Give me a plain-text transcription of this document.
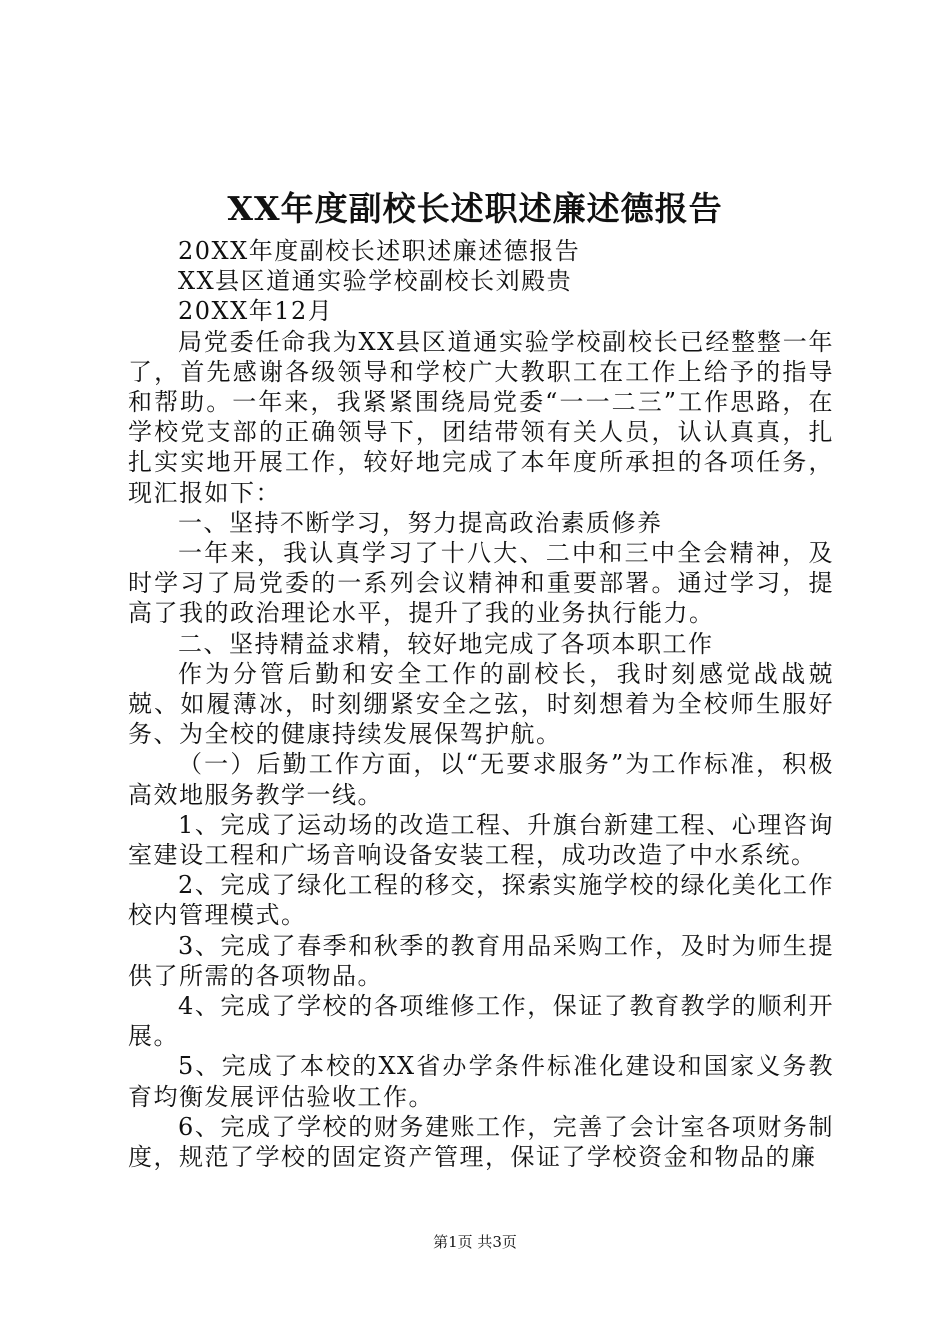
XX年度副校长述职述廉述德报告

20XX年度副校长述职述廉述德报告

XX县区道通实验学校副校长刘殿贵

20XX年12月

局党委任命我为XX县区道通实验学校副校长已经整整一年了，首先感谢各级领导和学校广大教职工在工作上给予的指导和帮助。一年来，我紧紧围绕局党委“一一二三”工作思路，在学校党支部的正确领导下，团结带领有关人员，认认真真，扎扎实实地开展工作，较好地完成了本年度所承担的各项任务，现汇报如下：

一、坚持不断学习，努力提高政治素质修养

一年来，我认真学习了十八大、二中和三中全会精神，及时学习了局党委的一系列会议精神和重要部署。通过学习，提高了我的政治理论水平，提升了我的业务执行能力。

二、坚持精益求精，较好地完成了各项本职工作

作为分管后勤和安全工作的副校长，我时刻感觉战战兢兢、如履薄冰，时刻绷紧安全之弦，时刻想着为全校师生服好务、为全校的健康持续发展保驾护航。

（一）后勤工作方面，以“无要求服务”为工作标准，积极高效地服务教学一线。

1、完成了运动场的改造工程、升旗台新建工程、心理咨询室建设工程和广场音响设备安装工程，成功改造了中水系统。

2、完成了绿化工程的移交，探索实施学校的绿化美化工作校内管理模式。

3、完成了春季和秋季的教育用品采购工作，及时为师生提供了所需的各项物品。

4、完成了学校的各项维修工作，保证了教育教学的顺利开展。

5、完成了本校的XX省办学条件标准化建设和国家义务教育均衡发展评估验收工作。

6、完成了学校的财务建账工作，完善了会计室各项财务制度，规范了学校的固定资产管理，保证了学校资金和物品的廉

第1页 共3页
